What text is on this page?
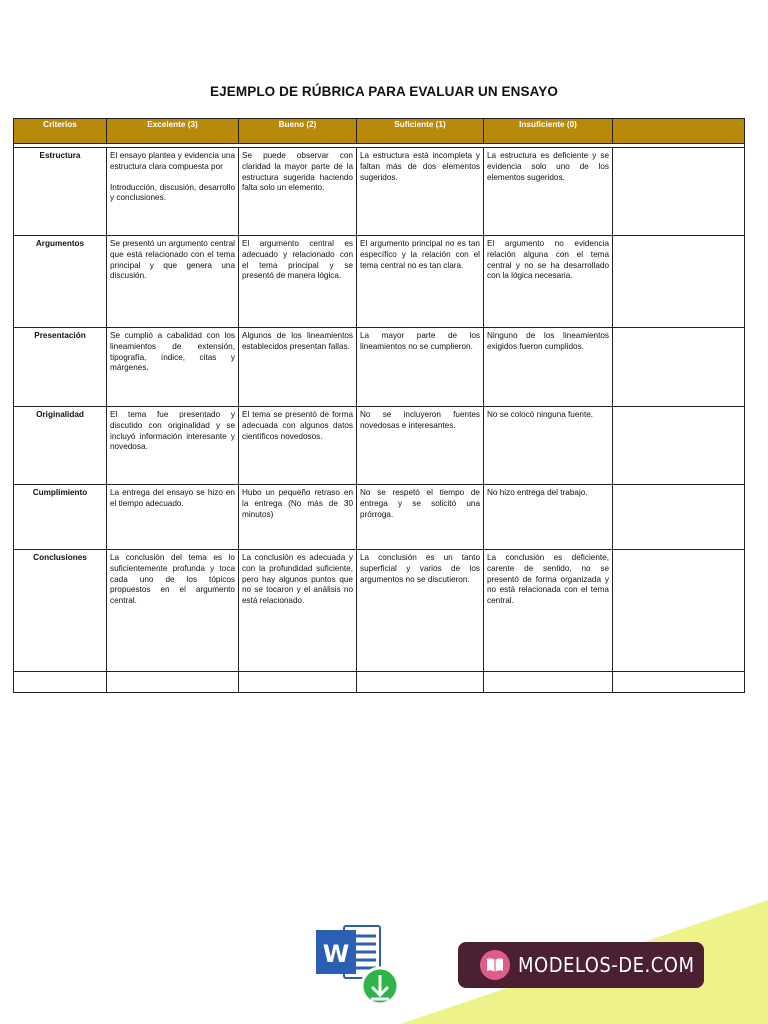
EJEMPLO DE RÚBRICA PARA EVALUAR UN ENSAYO
Criterios	Excelente (3)	Bueno (2)	Suficiente (1)	Insuficiente (0)	

Estructura	El ensayo plantea y evidencia una estructura clara compuesta por

Introducción, discusión, desarrollo y conclusiones.	Se puede observar con claridad la mayor parte de la estructura sugerida haciendo falta solo un elemento.	La estructura está incompleta y faltan más de dos elementos sugeridos.	La estructura es deficiente y se evidencia solo uno de los elementos sugeridos.	
Argumentos	Se presentó un argumento central que está relacionado con el tema principal y que genera una discusión.	El argumento central es adecuado y relacionado con el tema principal y se presentó de manera lógica.	El argumento principal no es tan específico y la relación con el tema central no es tan clara.	El argumento no evidencia relación alguna con el tema central y no se ha desarrollado con la lógica necesaria.	
Presentación	Se cumplió a cabalidad con los lineamientos de extensión, tipografía, índice, citas y márgenes.	Algunos de los lineamientos establecidos presentan fallas.	La mayor parte de los lineamientos no se cumplieron.	Ninguno de los lineamientos exigidos fueron cumplidos.	
Originalidad	El tema fue presentado y discutido con originalidad y se incluyó información interesante y novedosa.	El tema se presentó de forma adecuada con algunos datos científicos novedosos.	No se incluyeron fuentes novedosas e interesantes.	No se colocó ninguna fuente.	
Cumplimiento	La entrega del ensayo se hizo en el tiempo adecuado.	Hubo un pequeño retraso en la entrega (No más de 30 minutos)	No se respetó el tiempo de entrega y se solicitó una prórroga.	No hizo entrega del trabajo.	
Conclusiones	La conclusión del tema es lo suficientemente profunda y toca cada uno de los tópicos propuestos en el argumento central.	La conclusión es adecuada y con la profundidad suficiente, pero hay algunos puntos que no se tocaron y el análisis no está relacionado.	La conclusión es un tanto superficial y varios de los argumentos no se discutieron.	La conclusión es deficiente, carente de sentido, no se presentó de forma organizada y no está relacionada con el tema central.	

W	MODELOS-DE.COM
